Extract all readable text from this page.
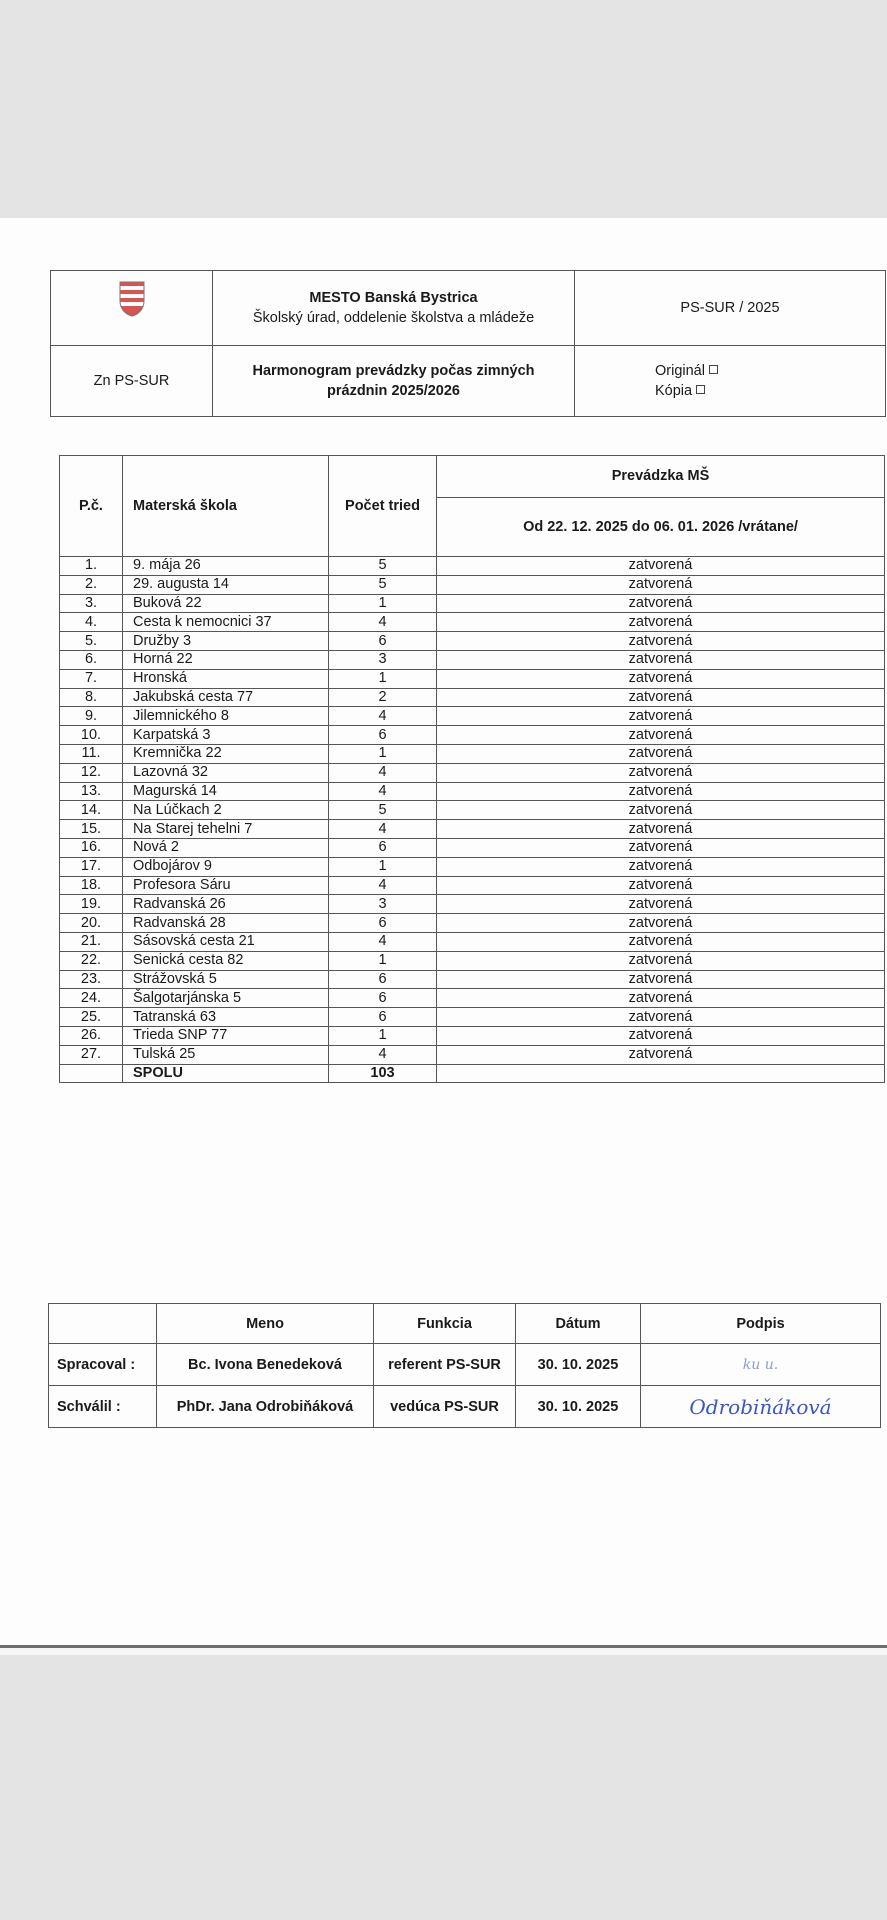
MESTO Banská Bystrica
Školský úrad, oddelenie školstva a mládeže	PS-SUR / 2025
Zn PS-SUR	
Harmonogram prevádzky počas zimných
prázdnin 2025/2026

Originál
Kópia
P.č.	Materská škola	Počet tried	Prevádzka MŠ
			Od 22. 12. 2025 do 06. 01. 2026 /vrátane/
1.	9. mája 26	5	zatvorená
2.	29. augusta 14	5	zatvorená
3.	Buková 22	1	zatvorená
4.	Cesta k nemocnici 37	4	zatvorená
5.	Družby 3	6	zatvorená
6.	Horná 22	3	zatvorená
7.	Hronská	1	zatvorená
8.	Jakubská cesta 77	2	zatvorená
9.	Jilemnického 8	4	zatvorená
10.	Karpatská 3	6	zatvorená
11.	Kremnička 22	1	zatvorená
12.	Lazovná 32	4	zatvorená
13.	Magurská 14	4	zatvorená
14.	Na Lúčkach 2	5	zatvorená
15.	Na Starej tehelni 7	4	zatvorená
16.	Nová 2	6	zatvorená
17.	Odbojárov 9	1	zatvorená
18.	Profesora Sáru	4	zatvorená
19.	Radvanská 26	3	zatvorená
20.	Radvanská 28	6	zatvorená
21.	Sásovská cesta 21	4	zatvorená
22.	Senická cesta 82	1	zatvorená
23.	Strážovská 5	6	zatvorená
24.	Šalgotarjánska 5	6	zatvorená
25.	Tatranská 63	6	zatvorená
26.	Trieda SNP 77	1	zatvorená
27.	Tulská 25	4	zatvorená
	SPOLU	103	
	Meno	Funkcia	Dátum	Podpis
Spracoval :	Bc. Ivona Benedeková	referent PS-SUR	30. 10. 2025	ku u.
Schválil :	PhDr. Jana Odrobiňáková	vedúca PS-SUR	30. 10. 2025	Odrobiňáková
